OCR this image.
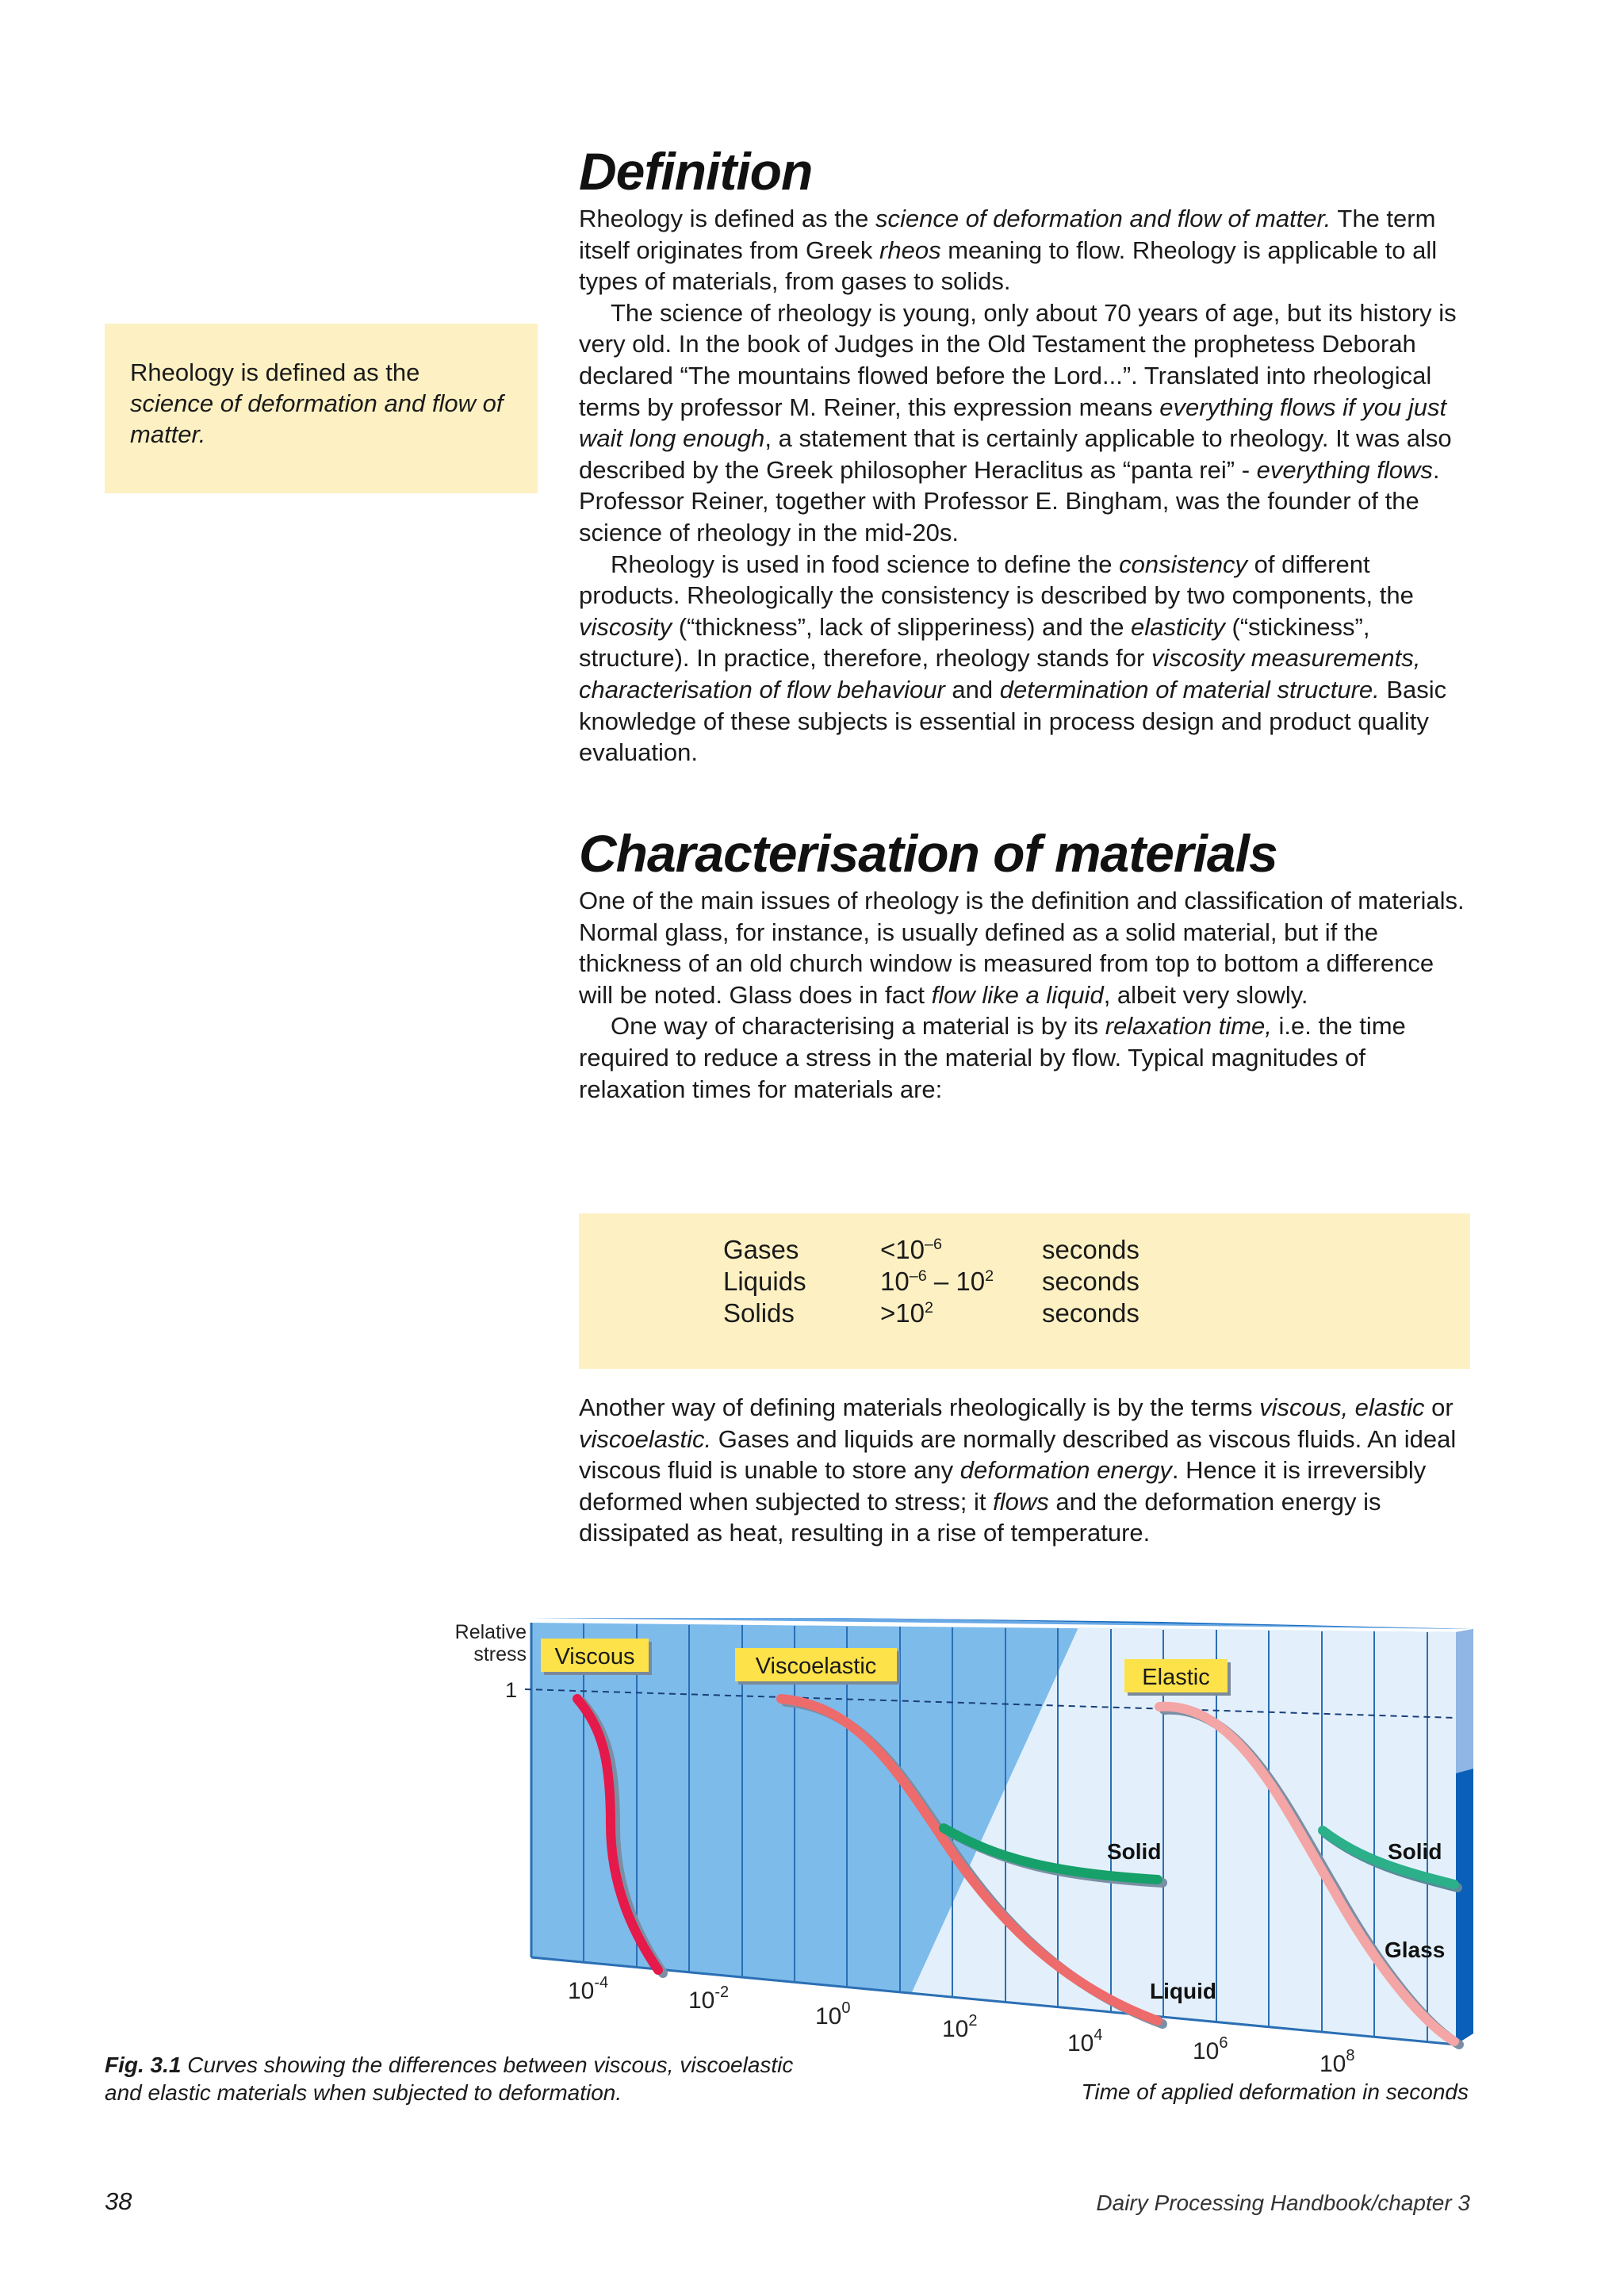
Definition

Rheology is defined as the science of deformation and flow of matter. The term itself originates from Greek rheos meaning to flow. Rheology is applicable to all types of materials, from gases to solids.

The science of rheology is young, only about 70 years of age, but its history is very old. In the book of Judges in the Old Testament the prophetess Deborah declared “The mountains flowed before the Lord...”. Translated into rheological terms by professor M. Reiner, this expression means everything flows if you just wait long enough, a statement that is certainly applicable to rheology. It was also described by the Greek philosopher Heraclitus as “panta rei” - everything flows. Professor Reiner, together with Professor E. Bingham, was the founder of the science of rheology in the mid-20s.

Rheology is used in food science to define the consistency of different products. Rheologically the consistency is described by two components, the viscosity (“thickness”, lack of slipperiness) and the elasticity (“stickiness”, structure). In practice, therefore, rheology stands for viscosity measurements, characterisation of flow behaviour and determination of material structure. Basic knowledge of these subjects is essential in process design and product quality evaluation.

Rheology is defined as the
science of deformation and flow of matter.
Characterisation of materials

One of the main issues of rheology is the definition and classification of materials. Normal glass, for instance, is usually defined as a solid material, but if the thickness of an old church window is measured from top to bottom a difference will be noted. Glass does in fact flow like a liquid, albeit very slowly.

One way of characterising a material is by its relaxation time, i.e. the time required to reduce a stress in the material by flow. Typical magnitudes of relaxation times for materials are:

Gases	$<10^{-6}$	seconds
Liquids	$10^{-6} - 10^2$ seconds
Solids	$>10^2$	seconds

Another way of defining materials rheologically is by the terms viscous, elastic or viscoelastic. Gases and liquids are normally described as viscous fluids. An ideal viscous fluid is unable to store any deformation energy. Hence it is irreversibly deformed when subjected to stress; it flows and the deformation energy is dissipated as heat, resulting in a rise of temperature.

Relative
stress
1
Viscous	Viscoelastic	Elastic
Solid	Solid
Glass
Liquid
$10^{-4}$
$10^{-2}$
$10^0$
$10^2$
$10^4$
$10^6$
$10^8$
Fig. 3.1 Curves showing the differences between viscous, viscoelastic and elastic materials when subjected to deformation.	Time of applied deformation in seconds
38	Dairy Processing Handbook/chapter 3
